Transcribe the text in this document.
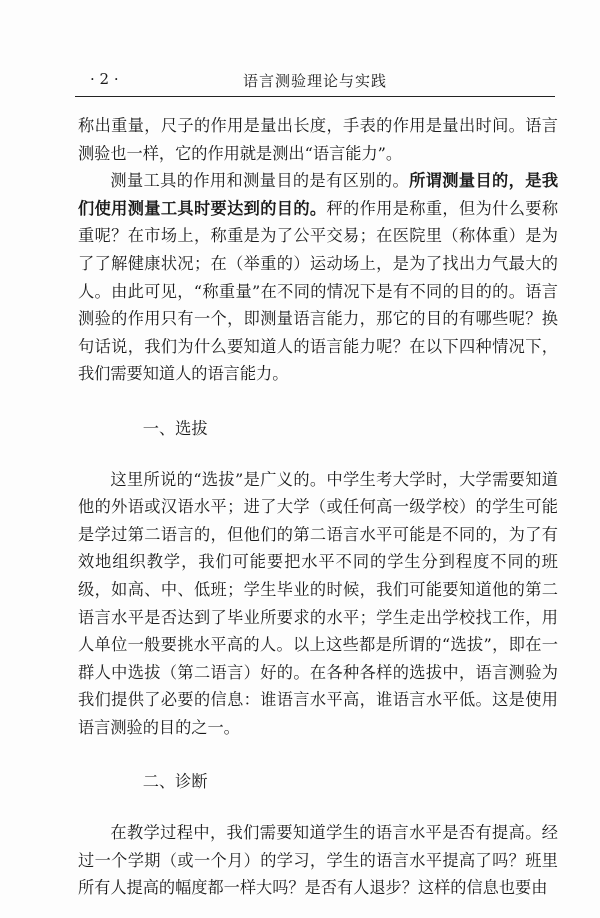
语言测验理论与实践
· 2 ·

称出重量，尺子的作用是量出长度，手表的作用是量出时间。语言测验也一样，它的作用就是测出“语言能力”。

测量工具的作用和测量目的是有区别的。所谓测量目的，是我们使用测量工具时要达到的目的。秤的作用是称重，但为什么要称重呢？在市场上，称重是为了公平交易；在医院里（称体重）是为了了解健康状况；在（举重的）运动场上，是为了找出力气最大的人。由此可见，“称重量”在不同的情况下是有不同的目的的。语言测验的作用只有一个，即测量语言能力，那它的目的有哪些呢？换句话说，我们为什么要知道人的语言能力呢？在以下四种情况下，我们需要知道人的语言能力。

一、选拔

这里所说的“选拔”是广义的。中学生考大学时，大学需要知道他的外语或汉语水平；进了大学（或任何高一级学校）的学生可能是学过第二语言的，但他们的第二语言水平可能是不同的，为了有效地组织教学，我们可能要把水平不同的学生分到程度不同的班级，如高、中、低班；学生毕业的时候，我们可能要知道他的第二语言水平是否达到了毕业所要求的水平；学生走出学校找工作，用人单位一般要挑水平高的人。以上这些都是所谓的“选拔”，即在一群人中选拔（第二语言）好的。在各种各样的选拔中，语言测验为我们提供了必要的信息：谁语言水平高，谁语言水平低。这是使用语言测验的目的之一。

二、诊断

在教学过程中，我们需要知道学生的语言水平是否有提高。经过一个学期（或一个月）的学习，学生的语言水平提高了吗？班里所有人提高的幅度都一样大吗？是否有人退步？这样的信息也要由
